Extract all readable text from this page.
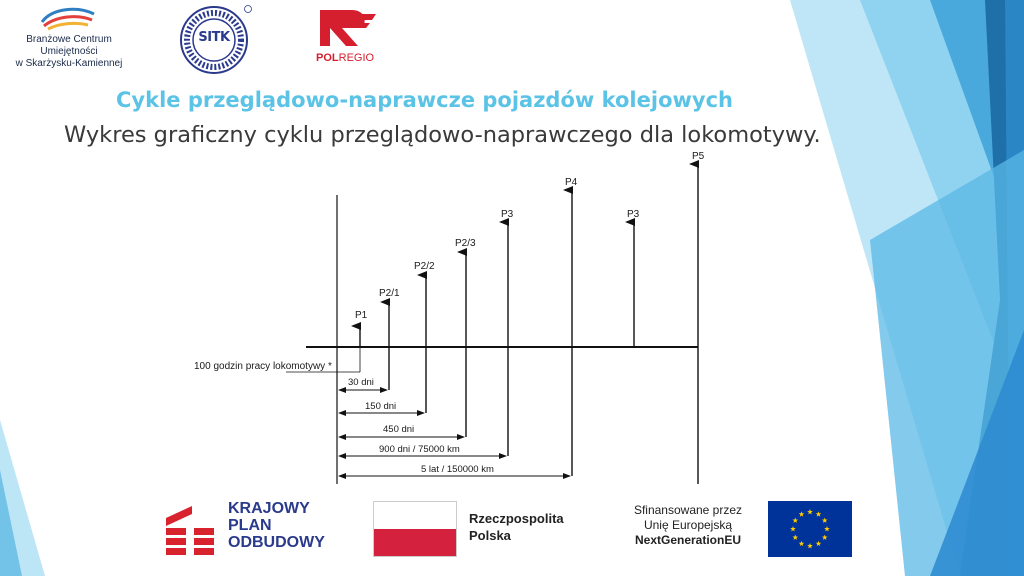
Branżowe Centrum
Umiejętności
w Skarżysku-Kamiennej
SITK
POLREGIO
Cykle przeglądowo-naprawcze pojazdów kolejowych
Wykres graficzny cyklu przeglądowo-naprawczego dla lokomotywy.
100 godzin pracy lokomotywy *
P1
P2/1
P2/2
P2/3
P3
P4
P3
P5
30 dni
150 dni
450 dni
900 dni / 75000 km
5 lat / 150000 km
KRAJOWY
PLAN
ODBUDOWY
Rzeczpospolita
Polska
Sfinansowane przez
Unię Europejską
NextGenerationEU
